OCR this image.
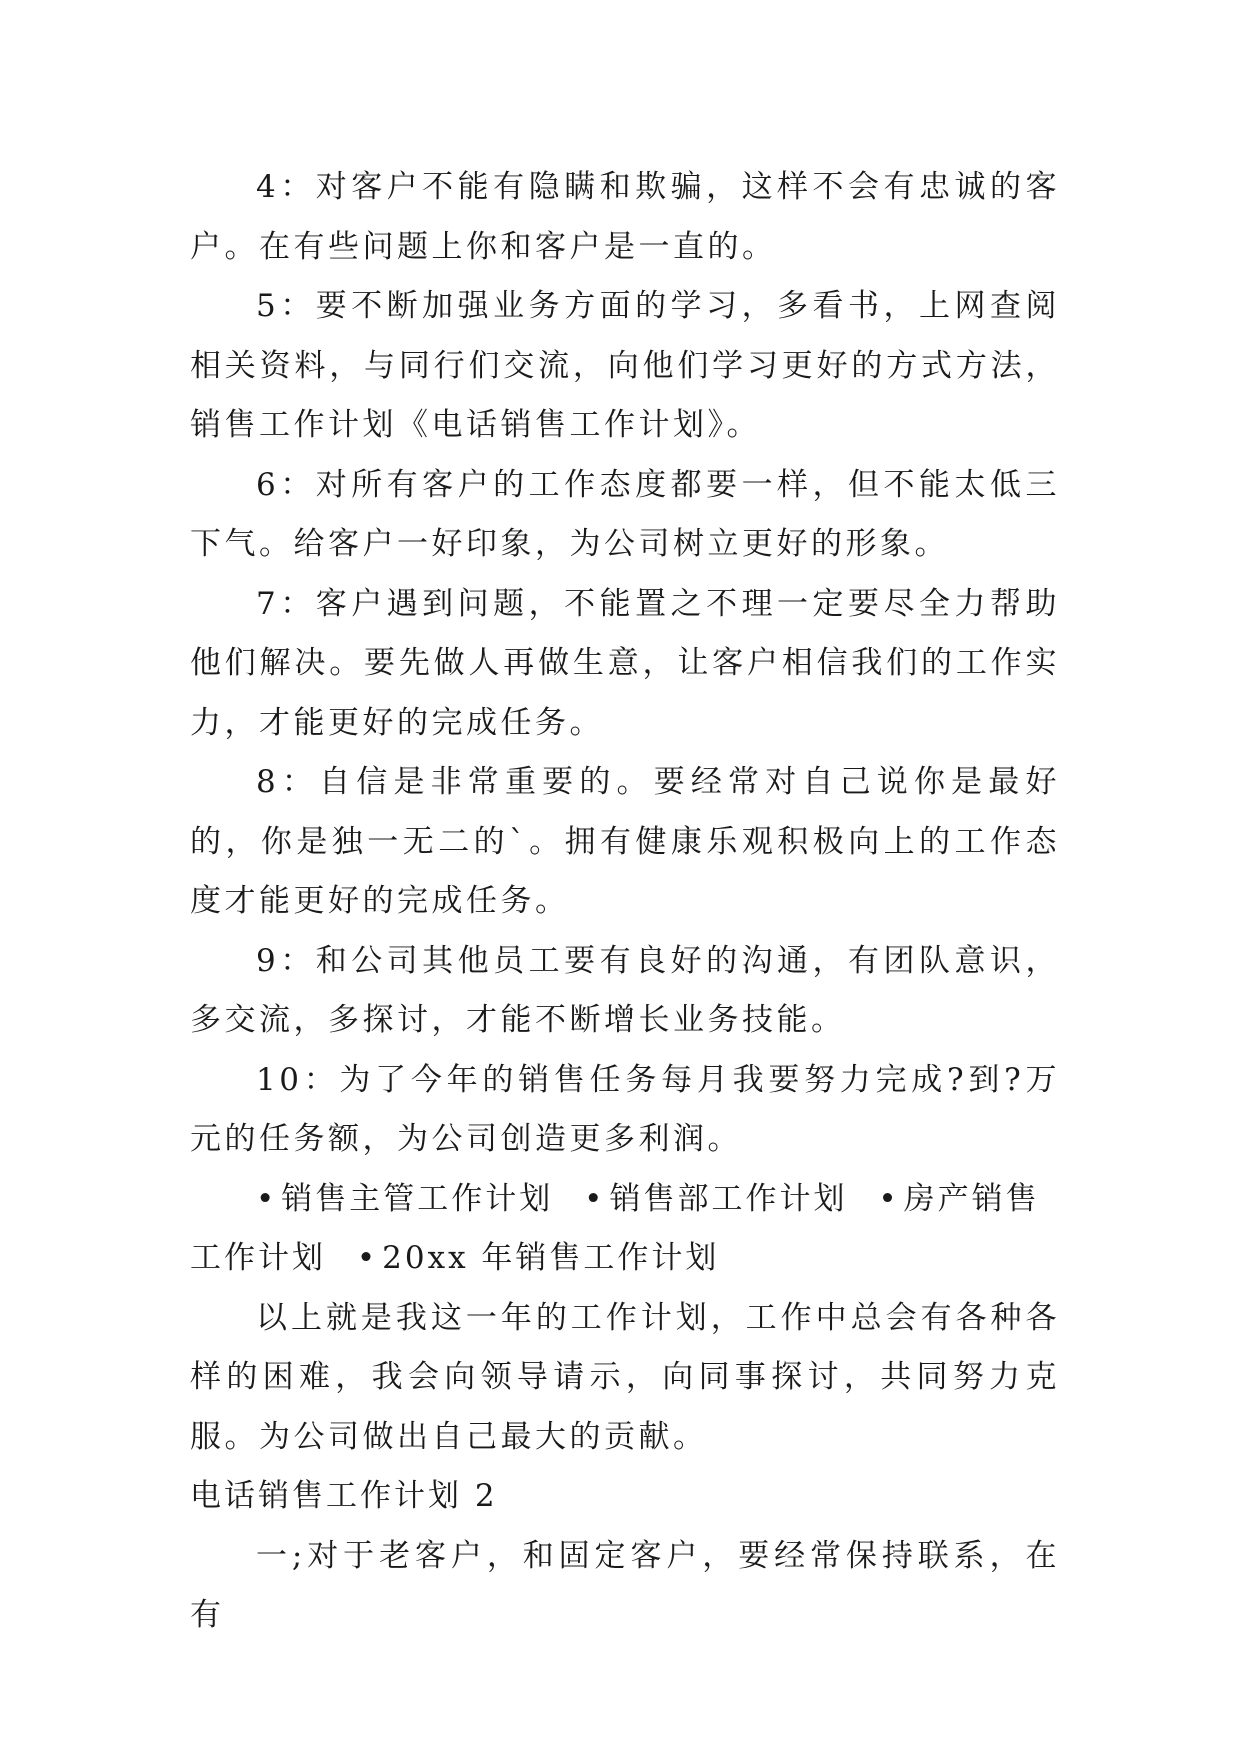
4：对客户不能有隐瞒和欺骗，这样不会有忠诚的客户。在有些问题上你和客户是一直的。

5：要不断加强业务方面的学习，多看书，上网查阅相关资料，与同行们交流，向他们学习更好的方式方法，销售工作计划《电话销售工作计划》。

6：对所有客户的工作态度都要一样，但不能太低三下气。给客户一好印象，为公司树立更好的形象。

7：客户遇到问题，不能置之不理一定要尽全力帮助他们解决。要先做人再做生意，让客户相信我们的工作实力，才能更好的完成任务。

8：自信是非常重要的。要经常对自己说你是最好的，你是独一无二的`。拥有健康乐观积极向上的工作态度才能更好的完成任务。

9：和公司其他员工要有良好的沟通，有团队意识，多交流，多探讨，才能不断增长业务技能。

10：为了今年的销售任务每月我要努力完成?到?万元的任务额，为公司创造更多利润。

• 销售主管工作计划 • 销售部工作计划 • 房产销售工作计划 • 20xx 年销售工作计划

以上就是我这一年的工作计划，工作中总会有各种各样的困难，我会向领导请示，向同事探讨，共同努力克服。为公司做出自己最大的贡献。

电话销售工作计划 2

一;对于老客户，和固定客户，要经常保持联系，在有
